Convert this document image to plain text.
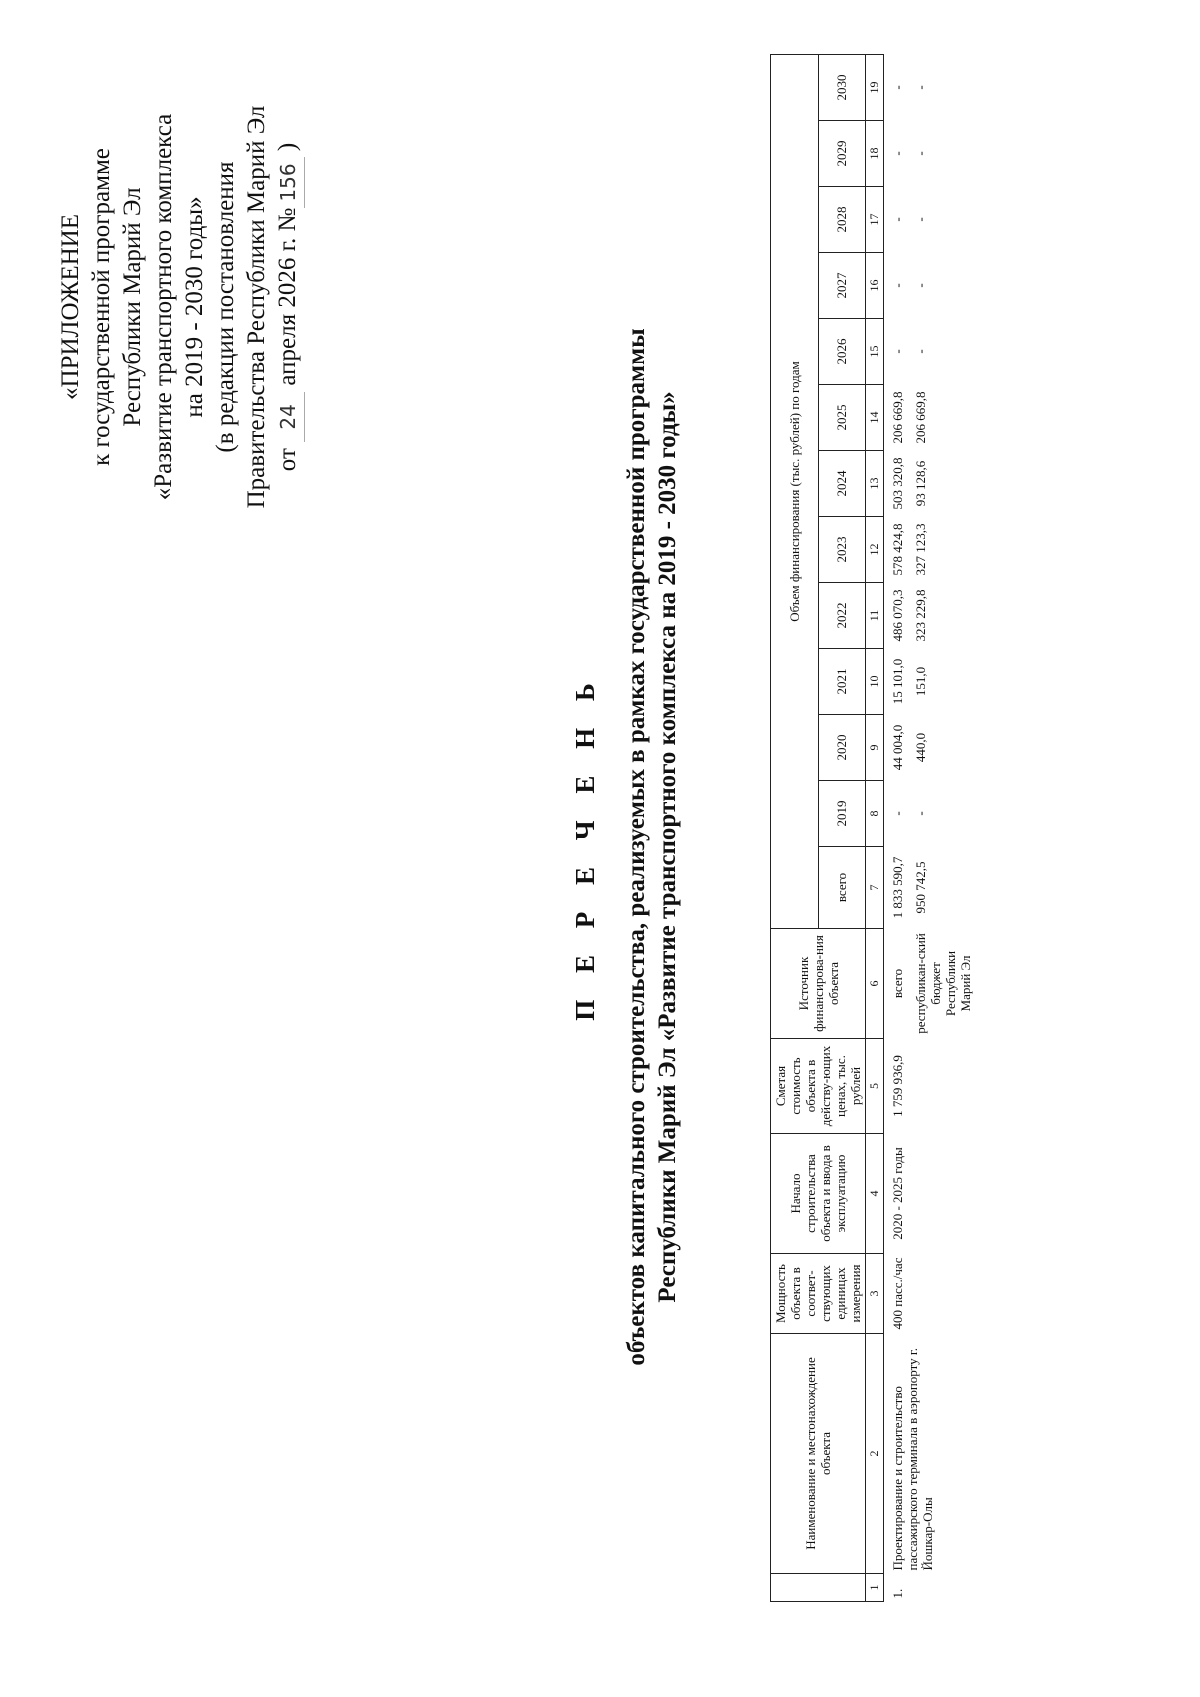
«ПРИЛОЖЕНИЕ к государственной программе Республики Марий Эл «Развитие транспортного комплекса на 2019 - 2030 годы» (в редакции постановления Правительства Республики Марий Эл от 24 апреля 2026 г. №156 )
П Е Р Е Ч Е Н Ь объектов капитального строительства, реализуемых в рамках государственной программы Республики Марий Эл «Развитие транспортного комплекса на 2019 - 2030 годы»
	Наименование и местонахождение объекта	Мощность объекта в соответ-ствующих единицах измерения	Начало строительства объекта и ввода в эксплуатацию	Сметая стоимость объекта в действу-ющих ценах, тыс. рублей	Источник финансирова-ния объекта	Объем финансирования (тыс. рублей) по годам												
						всего	2019	2020	2021	2022	2023	2024	2025	2026	2027	2028	2029	2030
1	2	3	4	5	6	7	8	9	10	11	12	13	14	15	16	17	18	19
1.	Проектирование и строительство пассажирского терминала в аэропорту г. Йошкар-Олы	400 пасс./час	2020 - 2025 годы	1 759 936,9	всего	1 833 590,7	-	44 004,0	15 101,0	486 070,3	578 424,8	503 320,8	206 669,8	-	-	-	-	-
					республикан-ский бюджет Республики Марий Эл	950 742,5	-	440,0	151,0	323 229,8	327 123,3	93 128,6	206 669,8	-	-	-	-	-
